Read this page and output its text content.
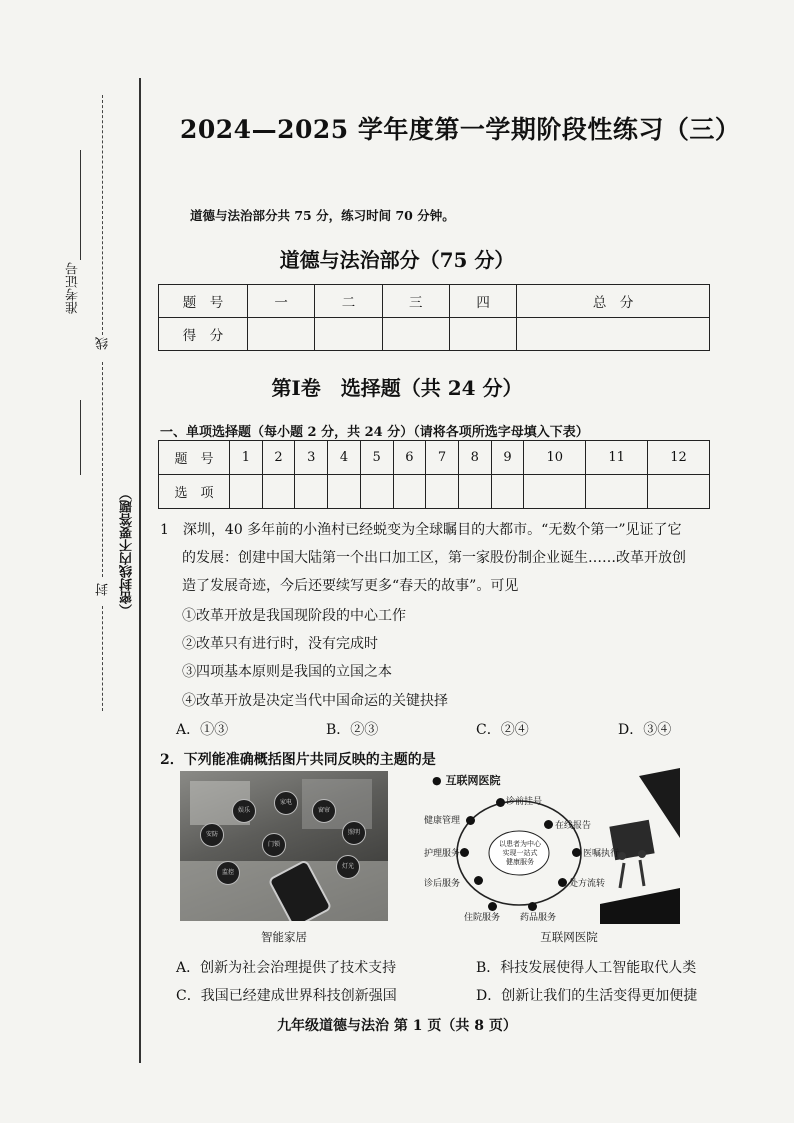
准考证号
线
封 （密封线内不要答题）
2024—2025 学年度第一学期阶段性练习（三）
道德与法治部分共 75 分，练习时间 70 分钟。
道德与法治部分（75 分）
题　号	一	二	三	四	总　分
得　分					
第Ⅰ卷　选择题（共 24 分）
一、单项选择题（每小题 2 分，共 24 分）（请将各项所选字母填入下表）
题　号	1	2	3	4	5	6	7	8	9	10	11	12
选　项												
1　深圳，40 多年前的小渔村已经蜕变为全球瞩目的大都市。“无数个第一”见证了它
的发展：创建中国大陆第一个出口加工区，第一家股份制企业诞生……改革开放创
造了发展奇迹，今后还要续写更多“春天的故事”。可见
①改革开放是我国现阶段的中心工作
②改革只有进行时，没有完成时
③四项基本原则是我国的立国之本
④改革开放是决定当代中国命运的关键抉择
A．①③	B．②③	C．②④	D．③④
2．下列能准确概括图片共同反映的主题的是
安防
娱乐
家电
窗帘
照明
监控
门锁
灯光
智能家居
● 互联网医院
以患者为中心
实现一站式
健康服务
诊前挂号
健康管理	在线报告
护理服务	医嘱执行
诊后服务	处方流转
住院服务 药品服务
互联网医院
A．创新为社会治理提供了技术支持	B．科技发展使得人工智能取代人类
C．我国已经建成世界科技创新强国	D．创新让我们的生活变得更加便捷
九年级道德与法治 第 1 页（共 8 页）
